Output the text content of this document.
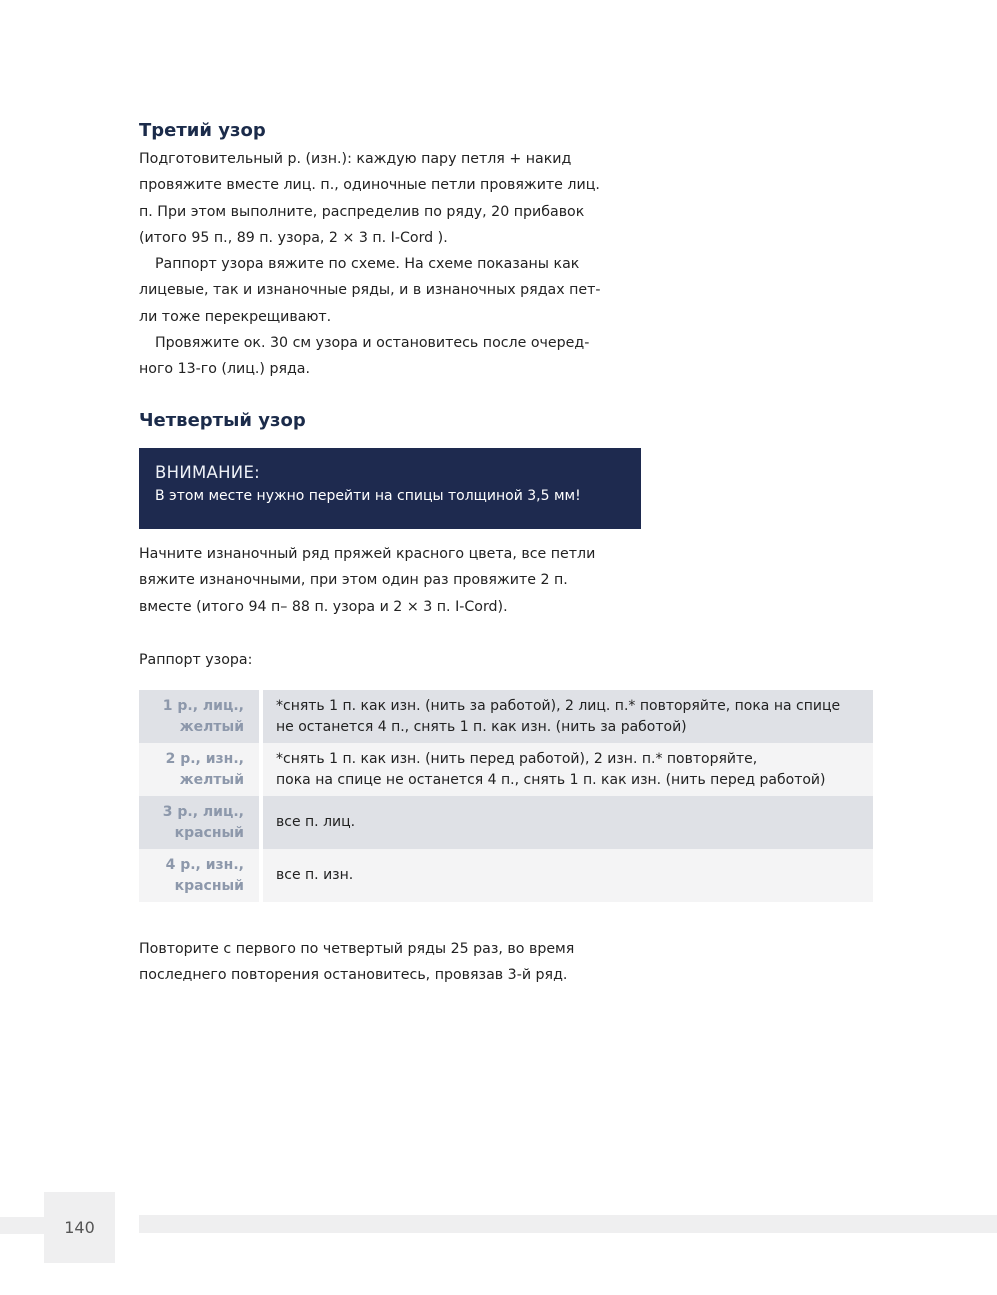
Третий узор
Подготовительный р. (изн.): каждую пару петля + накид
провяжите вместе лиц. п., одиночные петли провяжите лиц.
п. При этом выполните, распределив по ряду, 20 прибавок
(итого 95 п., 89 п. узора, 2 × 3 п. I-Cord ).
Раппорт узора вяжите по схеме. На схеме показаны как
лицевые, так и изнаночные ряды, и в изнаночных рядах пет-
ли тоже перекрещивают.
Провяжите ок. 30 см узора и остановитесь после очеред-
ного 13-го (лиц.) ряда.
Четвертый узор
ВНИМАНИЕ:
В этом месте нужно перейти на спицы толщиной 3,5 мм!
Начните изнаночный ряд пряжей красного цвета, все петли
вяжите изнаночными, при этом один раз провяжите 2 п.
вместе (итого 94 п– 88 п. узора и 2 × 3 п. I-Cord).
Раппорт узора:
1 р., лиц.,
желтый	*снять 1 п. как изн. (нить за работой), 2 лиц. п.* повторяйте, пока на спице
не останется 4 п., снять 1 п. как изн. (нить за работой)

2 р., изн.,
желтый	*снять 1 п. как изн. (нить перед работой), 2 изн. п.* повторяйте,
пока на спице не останется 4 п., снять 1 п. как изн. (нить перед работой)

3 р., лиц.,
красный	все п. лиц.

4 р., изн.,
красный	все п. изн.
Повторите с первого по четвертый ряды 25 раз, во время
последнего повторения остановитесь, провязав 3-й ряд.
140
